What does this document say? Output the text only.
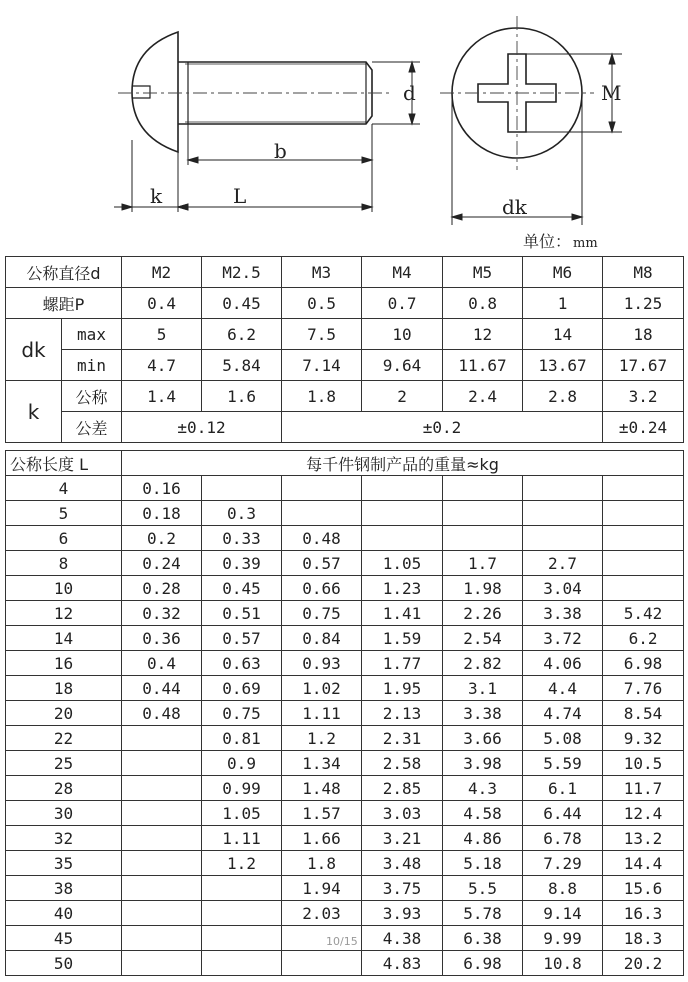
d
b
k	L
M
dk
单位： mm
公称直径d		M2	M2.5	M3	M4	M5	M6	M8
螺距P		0.4	0.45	0.5	0.7	0.8	1	1.25
dk	max	5	6.2	7.5	10	12	14	18
	min	4.7	5.84	7.14	9.64	11.67	13.67	17.67
k	公称	1.4	1.6	1.8	2	2.4	2.8	3.2
	公差	±0.12		±0.2				±0.24
公称长度 L	每千件钢制产品的重量≈kg						
4	0.16						
5	0.18	0.3					
6	0.2	0.33	0.48				
8	0.24	0.39	0.57	1.05	1.7	2.7	
10	0.28	0.45	0.66	1.23	1.98	3.04	
12	0.32	0.51	0.75	1.41	2.26	3.38	5.42
14	0.36	0.57	0.84	1.59	2.54	3.72	6.2
16	0.4	0.63	0.93	1.77	2.82	4.06	6.98
18	0.44	0.69	1.02	1.95	3.1	4.4	7.76
20	0.48	0.75	1.11	2.13	3.38	4.74	8.54
22		0.81	1.2	2.31	3.66	5.08	9.32
25		0.9	1.34	2.58	3.98	5.59	10.5
28		0.99	1.48	2.85	4.3	6.1	11.7
30		1.05	1.57	3.03	4.58	6.44	12.4
32		1.11	1.66	3.21	4.86	6.78	13.2
35		1.2	1.8	3.48	5.18	7.29	14.4
38			1.94	3.75	5.5	8.8	15.6
40			2.03	3.93	5.78	9.14	16.3
45				4.38	6.38	9.99	18.3
50				4.83	6.98	10.8	20.2
10/15
